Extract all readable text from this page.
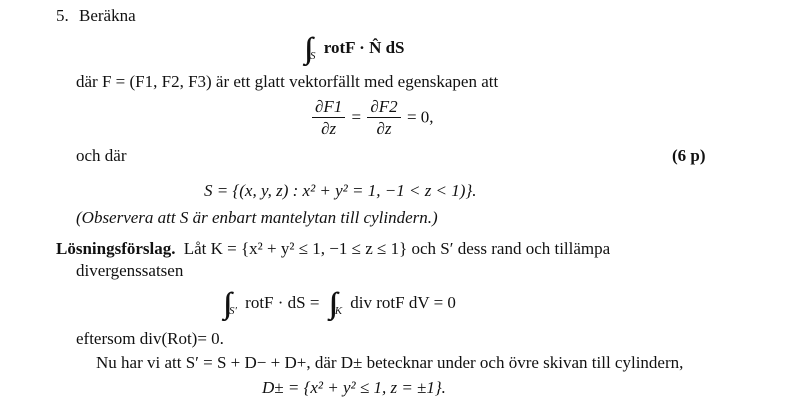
5. Beräkna
$_S$ rotF · N̂ dS
där F = (F1, F2, F3) är ett glatt vektorfällt med egenskapen att
$\frac{\partial F1}{\partial z} = \frac{\partial F2}{\partial z} = 0$,
och där	(6 p)
S = {(x, y, z) : x² + y² = 1, −1 < z < 1)}.
(Observera att S är enbart mantelytan till cylindern.)
Lösningsförslag. Låt K = {x² + y² ≤ 1, −1 ≤ z ≤ 1} och S′ dess rand och tillämpa
divergenssatsen
$_{S'}$ rotF · dS = $_K$ div rotF dV = 0
eftersom div(Rot)= 0.
Nu har vi att S′ = S + D− + D+, där D± betecknar under och övre skivan till cylindern,
D± = {x² + y² ≤ 1, z = ±1}.
